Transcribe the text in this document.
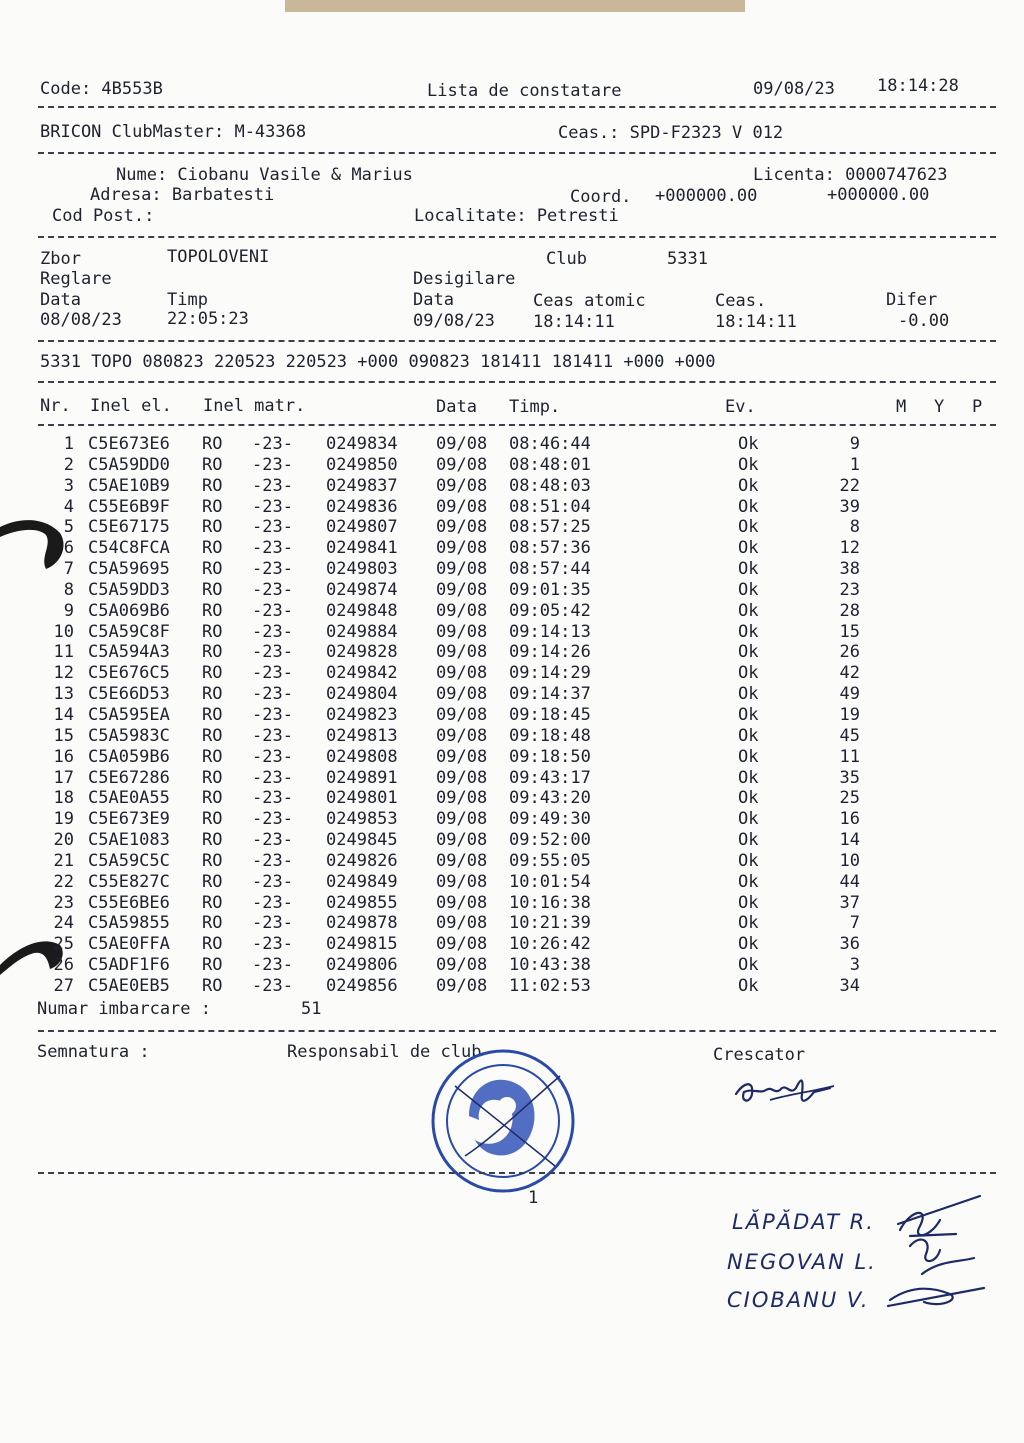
Code: 4B553B	Lista de constatare	09/08/23 18:14:28
BRICON ClubMaster: M-43368	Ceas.: SPD-F2323 V 012
Nume: Ciobanu Vasile & Marius	Licenta: 0000747623
Adresa: Barbatesti	Coord. +000000.00	+000000.00
Cod Post.:	Localitate: Petresti
Zbor	TOPOLOVENI	Club	5331
Reglare	Desigilare
Data	Timp	Data	Ceas atomic	Ceas.	Difer
08/08/23	22:05:23	09/08/23 18:14:11	18:14:11	-0.00
5331 TOPO 080823 220523 220523 +000 090823 181411 181411 +000 +000
Nr. Inel el. Inel matr.	Data Timp.	Ev.	M Y P
1 C5E673E6 RO -23- 0249834 09/08 08:46:44	Ok	9
2 C5A59DD0 RO -23- 0249850 09/08 08:48:01	Ok	1
3 C5AE10B9 RO -23- 0249837 09/08 08:48:03	Ok	22
4 C55E6B9F RO -23- 0249836 09/08 08:51:04	Ok	39
5 C5E67175 RO -23- 0249807 09/08 08:57:25	Ok	8
6 C54C8FCA RO -23- 0249841 09/08 08:57:36	Ok	12
7 C5A59695 RO -23- 0249803 09/08 08:57:44	Ok	38
8 C5A59DD3 RO -23- 0249874 09/08 09:01:35	Ok	23
9 C5A069B6 RO -23- 0249848 09/08 09:05:42	Ok	28
10 C5A59C8F RO -23- 0249884 09/08 09:14:13	Ok	15
11 C5A594A3 RO -23- 0249828 09/08 09:14:26	Ok	26
12 C5E676C5 RO -23- 0249842 09/08 09:14:29	Ok	42
13 C5E66D53 RO -23- 0249804 09/08 09:14:37	Ok	49
14 C5A595EA RO -23- 0249823 09/08 09:18:45	Ok	19
15 C5A5983C RO -23- 0249813 09/08 09:18:48	Ok	45
16 C5A059B6 RO -23- 0249808 09/08 09:18:50	Ok	11
17 C5E67286 RO -23- 0249891 09/08 09:43:17	Ok	35
18 C5AE0A55 RO -23- 0249801 09/08 09:43:20	Ok	25
19 C5E673E9 RO -23- 0249853 09/08 09:49:30	Ok	16
20 C5AE1083 RO -23- 0249845 09/08 09:52:00	Ok	14
21 C5A59C5C RO -23- 0249826 09/08 09:55:05	Ok	10
22 C55E827C RO -23- 0249849 09/08 10:01:54	Ok	44
23 C55E6BE6 RO -23- 0249855 09/08 10:16:38	Ok	37
24 C5A59855 RO -23- 0249878 09/08 10:21:39	Ok	7
25 C5AE0FFA RO -23- 0249815 09/08 10:26:42	Ok	36
26 C5ADF1F6 RO -23- 0249806 09/08 10:43:38	Ok	3
27 C5AE0EB5 RO -23- 0249856 09/08 11:02:53	Ok	34
Numar imbarcare :	51
Semnatura :	Responsabil de club	Crescator
1
LĂPĂDAT R.
NEGOVAN L.
CIOBANU V.
